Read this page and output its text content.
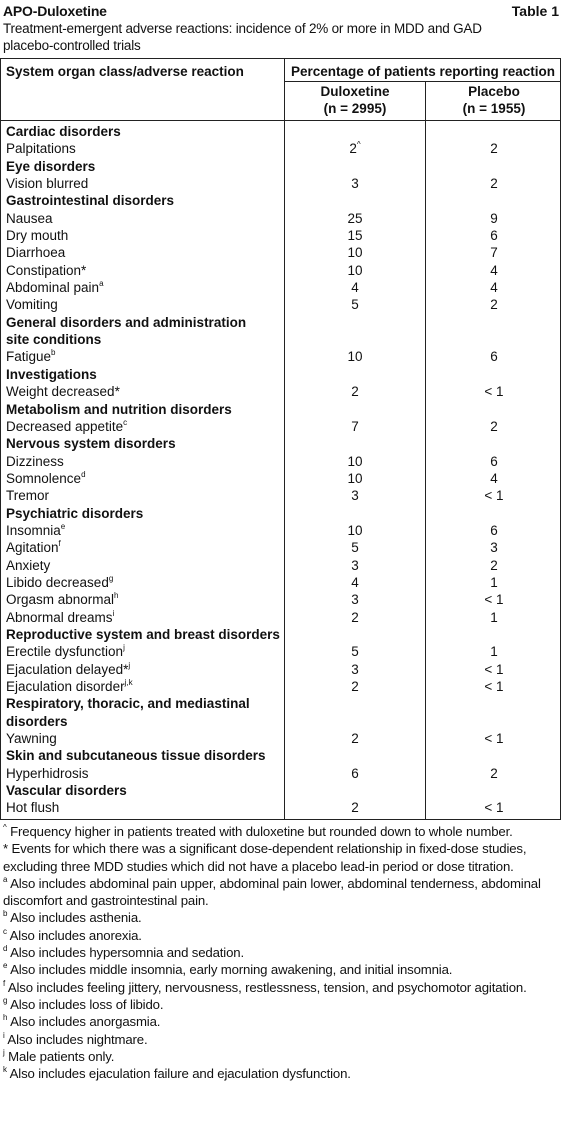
APO-Duloxetine	Table 1
Treatment-emergent adverse reactions: incidence of 2% or more in MDD and GAD
placebo-controlled trials
System organ class/adverse reaction	Percentage of patients reporting reaction
Duloxetine
(n = 2995)
Placebo
(n = 1955)
Cardiac disorders
Palpitations	2^	2
Eye disorders
Vision blurred	3	2
Gastrointestinal disorders
Nausea	25	9
Dry mouth	15	6
Diarrhoea	10	7
Constipation*	10	4
Abdominal pain$^a$	4	4
Vomiting	5	2
General disorders and administration
site conditions
Fatigue$^b$	10	6
Investigations
Weight decreased*	2	< 1
Metabolism and nutrition disorders
Decreased appetite$^c$	7	2
Nervous system disorders
Dizziness	10	6
Somnolence$^d$	10	4
Tremor	3	< 1
Psychiatric disorders
Insomnia$^e$	10	6
Agitation$^f$	5	3
Anxiety	3	2
Libido decreased$^g$	4	1
Orgasm abnormal$^h$	3	< 1
Abnormal dreams$^i$	2	1
Reproductive system and breast disorders
Erectile dysfunction$^j$	5	1
Ejaculation delayed*$^j$	3	< 1
Ejaculation disorder$^{j,k}$	2	< 1
Respiratory, thoracic, and mediastinal
disorders
Yawning	2	< 1
Skin and subcutaneous tissue disorders
Hyperhidrosis	6	2
Vascular disorders
Hot flush	2	< 1

^ Frequency higher in patients treated with duloxetine but rounded down to whole number.

* Events for which there was a significant dose-dependent relationship in fixed-dose studies, excluding three MDD studies which did not have a placebo lead-in period or dose titration.

$^a$ Also includes abdominal pain upper, abdominal pain lower, abdominal tenderness, abdominal discomfort and gastrointestinal pain.

$^b$ Also includes asthenia.

$^c$ Also includes anorexia.

$^d$ Also includes hypersomnia and sedation.

$^e$ Also includes middle insomnia, early morning awakening, and initial insomnia.

$^f$ Also includes feeling jittery, nervousness, restlessness, tension, and psychomotor agitation.

$^g$ Also includes loss of libido.

$^h$ Also includes anorgasmia.

$^i$ Also includes nightmare.

$^j$ Male patients only.

$^k$ Also includes ejaculation failure and ejaculation dysfunction.
